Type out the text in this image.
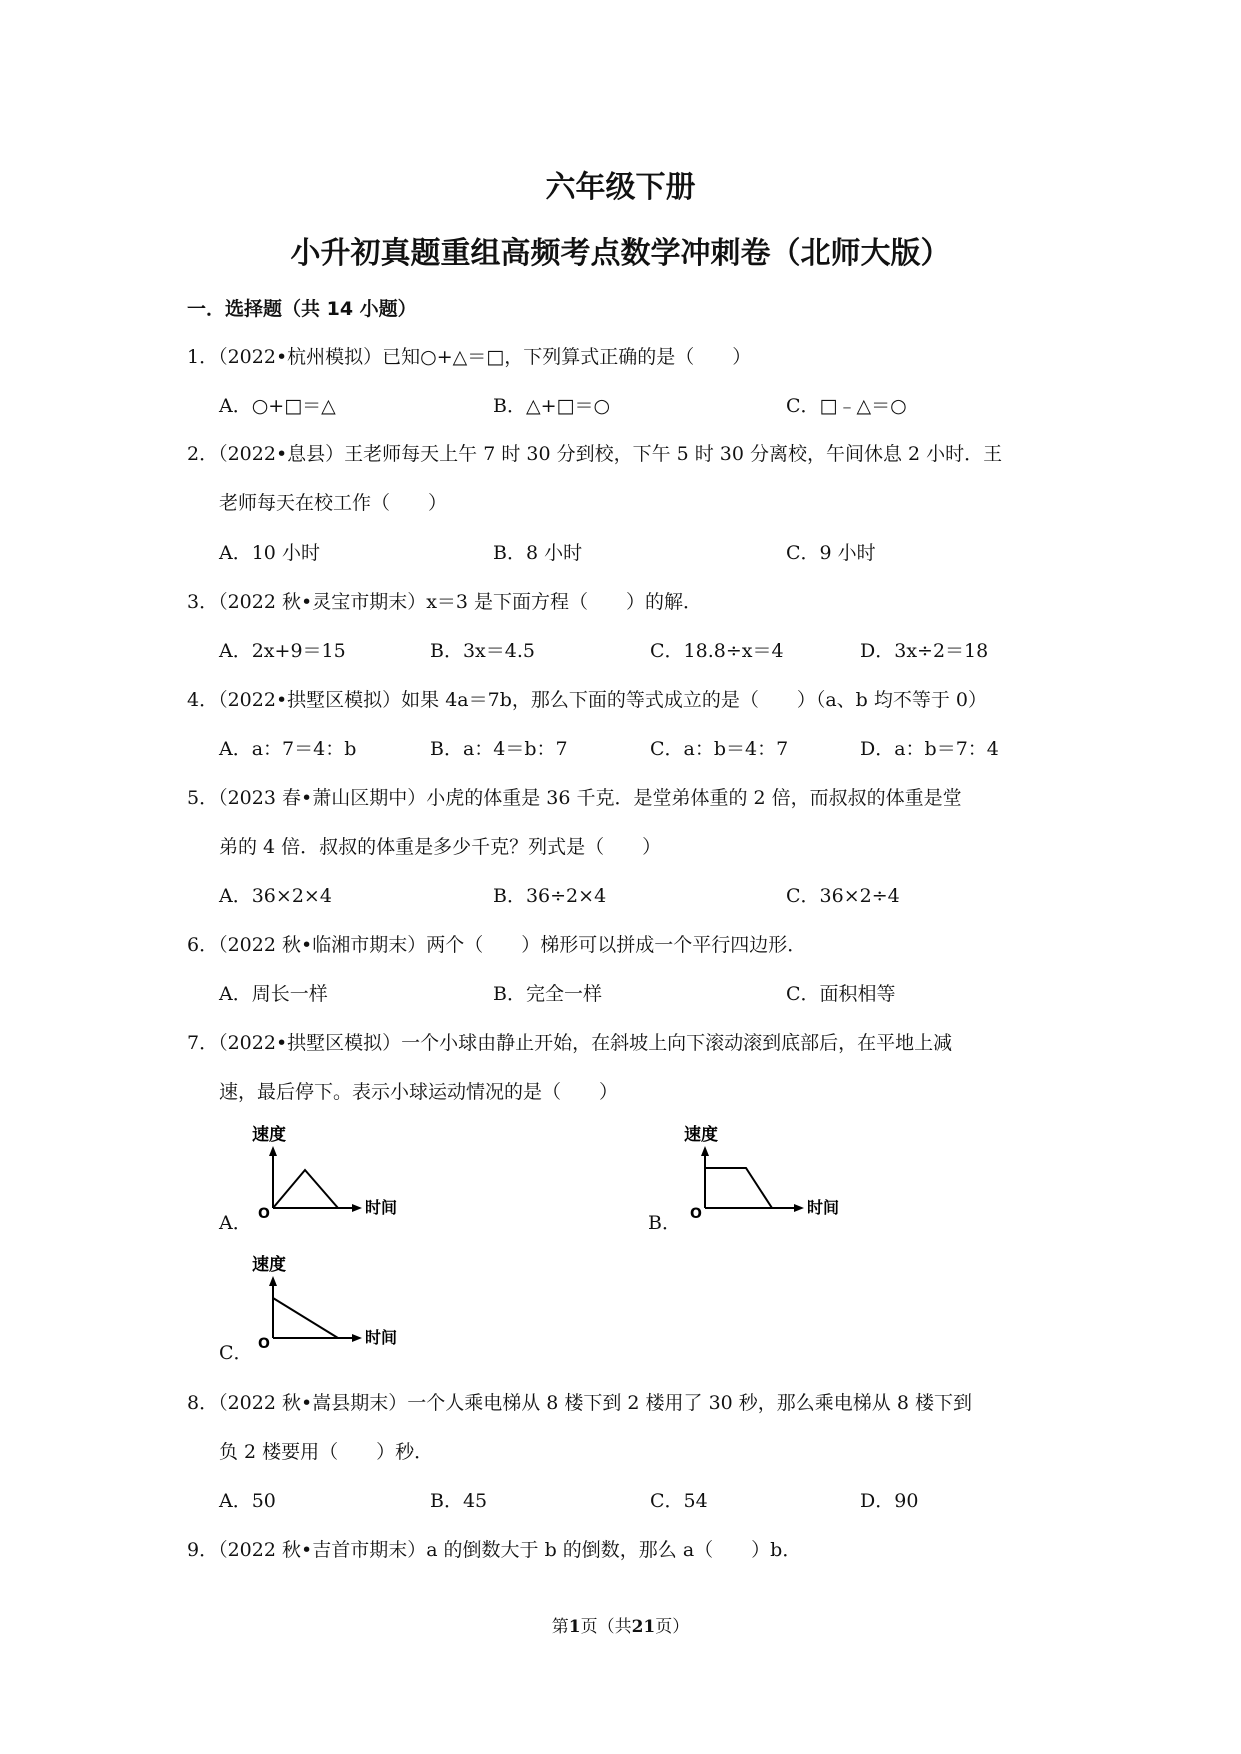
六年级下册
小升初真题重组高频考点数学冲刺卷（北师大版）
一．选择题（共 14 小题）
1．（2022•杭州模拟）已知○+△＝□，下列算式正确的是（　　）
A．○+□＝△	B．△+□＝○	C．□﹣△＝○
2．（2022•息县）王老师每天上午 7 时 30 分到校，下午 5 时 30 分离校，午间休息 2 小时．王
老师每天在校工作（　　）
A．10 小时	B．8 小时	C．9 小时
3．（2022 秋•灵宝市期末）x＝3 是下面方程（　　）的解．
A．2x+9＝15	B．3x＝4.5	C．18.8÷x＝4	D．3x÷2＝18
4．（2022•拱墅区模拟）如果 4a＝7b，那么下面的等式成立的是（　　）（a、b 均不等于 0）
A．a：7＝4：b	B．a：4＝b：7	C．a：b＝4：7	D．a：b＝7：4
5．（2023 春•萧山区期中）小虎的体重是 36 千克．是堂弟体重的 2 倍，而叔叔的体重是堂
弟的 4 倍．叔叔的体重是多少千克？列式是（　　）
A．36×2×4	B．36÷2×4	C．36×2÷4
6．（2022 秋•临湘市期末）两个（　　）梯形可以拼成一个平行四边形．
A．周长一样	B．完全一样	C．面积相等
7．（2022•拱墅区模拟）一个小球由静止开始，在斜坡上向下滚动滚到底部后，在平地上减
速，最后停下。表示小球运动情况的是（　　）
A．
速度
O	时间
B．
速度
O	时间
C．
速度
O	时间
8．（2022 秋•嵩县期末）一个人乘电梯从 8 楼下到 2 楼用了 30 秒，那么乘电梯从 8 楼下到
负 2 楼要用（　　）秒．
A．50	B．45	C．54	D．90
9．（2022 秋•吉首市期末）a 的倒数大于 b 的倒数，那么 a（　　）b．
第1页（共21页）
